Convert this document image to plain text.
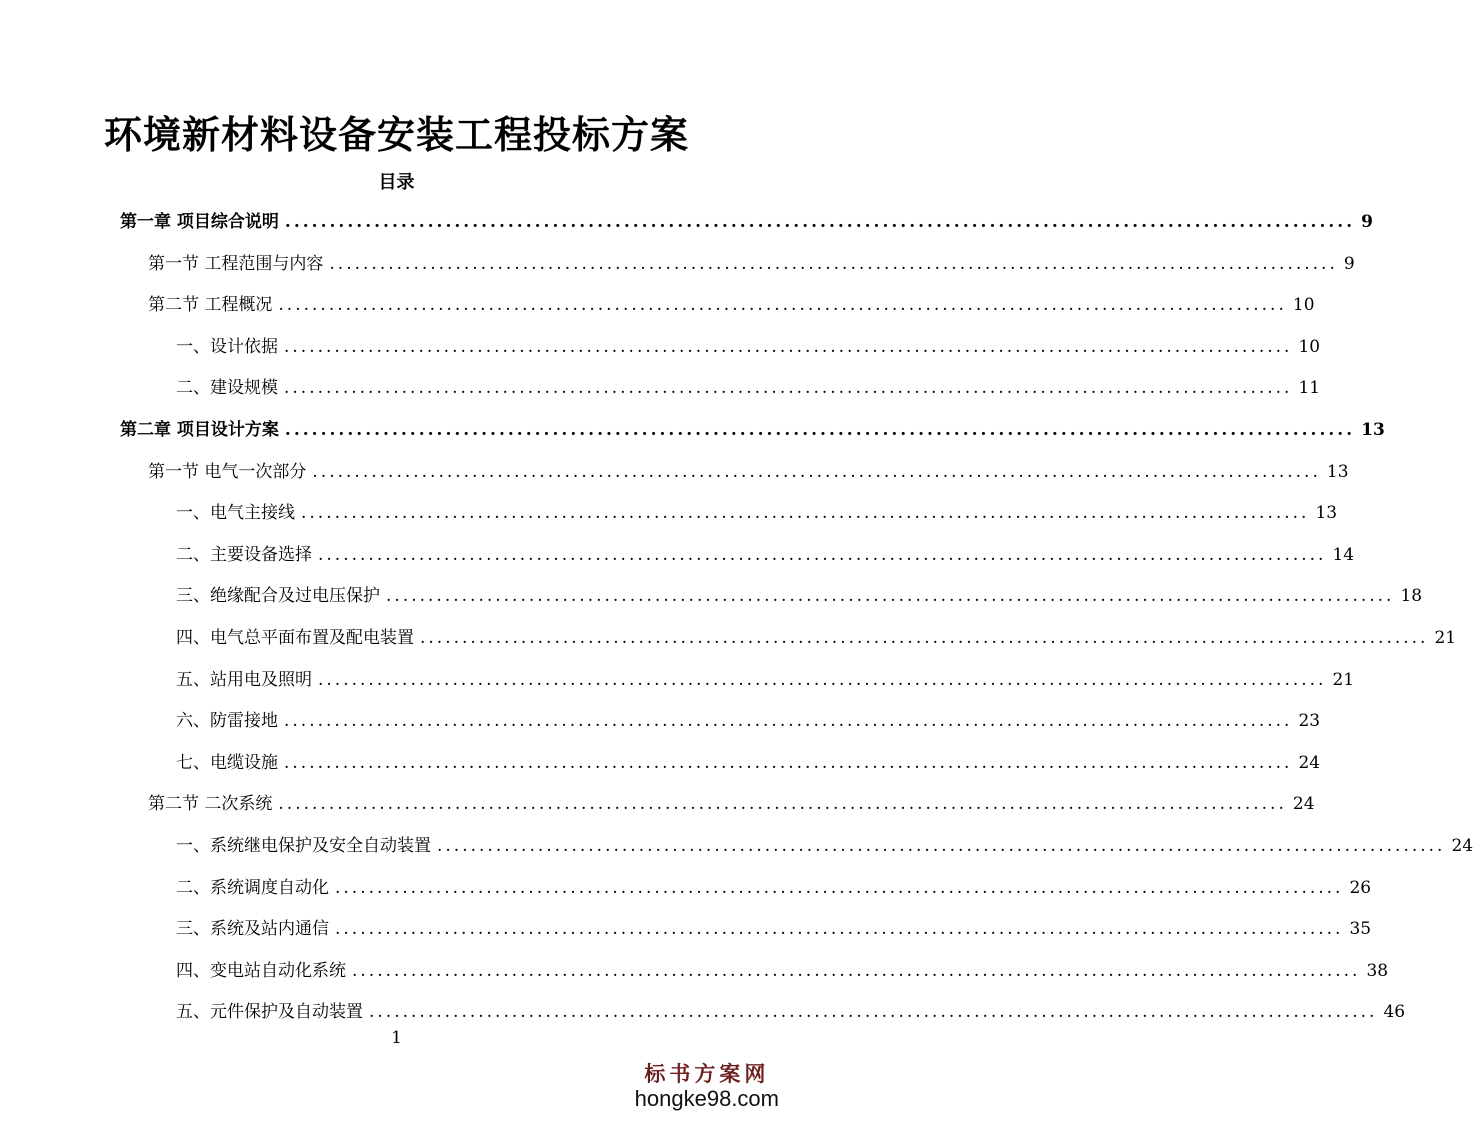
环境新材料设备安装工程投标方案
目录
第一章 项目综合说明 ........................................................................................................................ 9
第一节 工程范围与内容 ........................................................................................................................ 9
第二节 工程概况 ........................................................................................................................ 10
一、设计依据 ........................................................................................................................ 10
二、建设规模 ........................................................................................................................ 11
第二章 项目设计方案 ........................................................................................................................ 13
第一节 电气一次部分 ........................................................................................................................ 13
一、电气主接线 ........................................................................................................................ 13
二、主要设备选择 ........................................................................................................................ 14
三、绝缘配合及过电压保护 ........................................................................................................................ 18
四、电气总平面布置及配电装置 ........................................................................................................................ 21
五、站用电及照明 ........................................................................................................................ 21
六、防雷接地 ........................................................................................................................ 23
七、电缆设施 ........................................................................................................................ 24
第二节 二次系统 ........................................................................................................................ 24
一、系统继电保护及安全自动装置 ........................................................................................................................ 24
二、系统调度自动化 ........................................................................................................................ 26
三、系统及站内通信 ........................................................................................................................ 35
四、变电站自动化系统 ........................................................................................................................ 38
五、元件保护及自动装置 ........................................................................................................................ 46
1
标书方案网
hongke98.com
